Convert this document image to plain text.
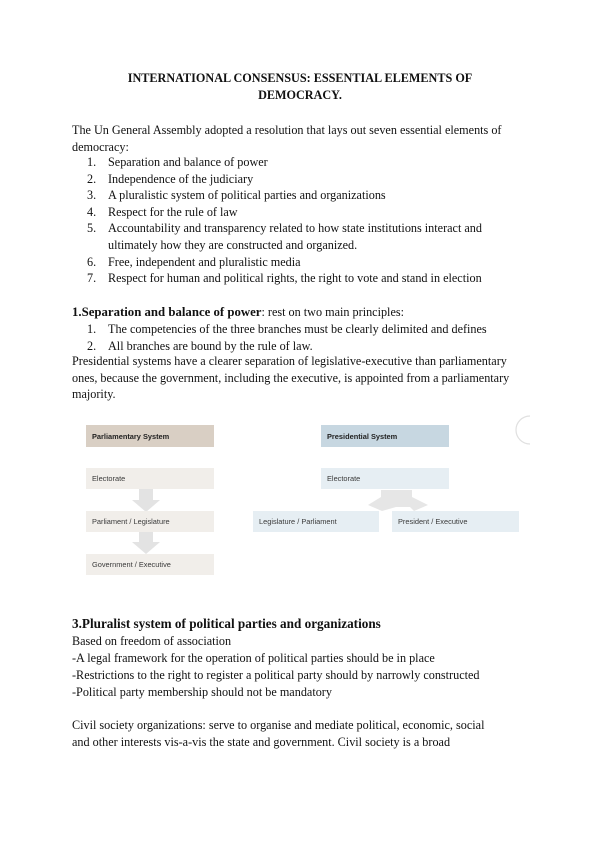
INTERNATIONAL CONSENSUS: ESSENTIAL ELEMENTS OF
DEMOCRACY.
The Un General Assembly adopted a resolution that lays out seven essential elements of democracy:
1. Separation and balance of power
2. Independence of the judiciary
3. A pluralistic system of political parties and organizations
4. Respect for the rule of law
5. Accountability and transparency related to how state institutions interact and ultimately how they are constructed and organized.
6. Free, independent and pluralistic media
7. Respect for human and political rights, the right to vote and stand in election
1.Separation and balance of power: rest on two main principles:
1. The competencies of the three branches must be clearly delimited and defines
2. All branches are bound by the rule of law.
Presidential systems have a clearer separation of legislative-executive than parliamentary ones, because the government, including the executive, is appointed from a parliamentary majority.
Parliamentary System
Electorate
Parliament / Legislature
Government / Executive
Presidential System
Electorate
Legislature / Parliament	President / Executive
3.Pluralist system of political parties and organizations
Based on freedom of association
-A legal framework for the operation of political parties should be in place
-Restrictions to the right to register a political party should by narrowly constructed
-Political party membership should not be mandatory
Civil society organizations: serve to organise and mediate political, economic, social
and other interests vis-a-vis the state and government. Civil society is a broad
